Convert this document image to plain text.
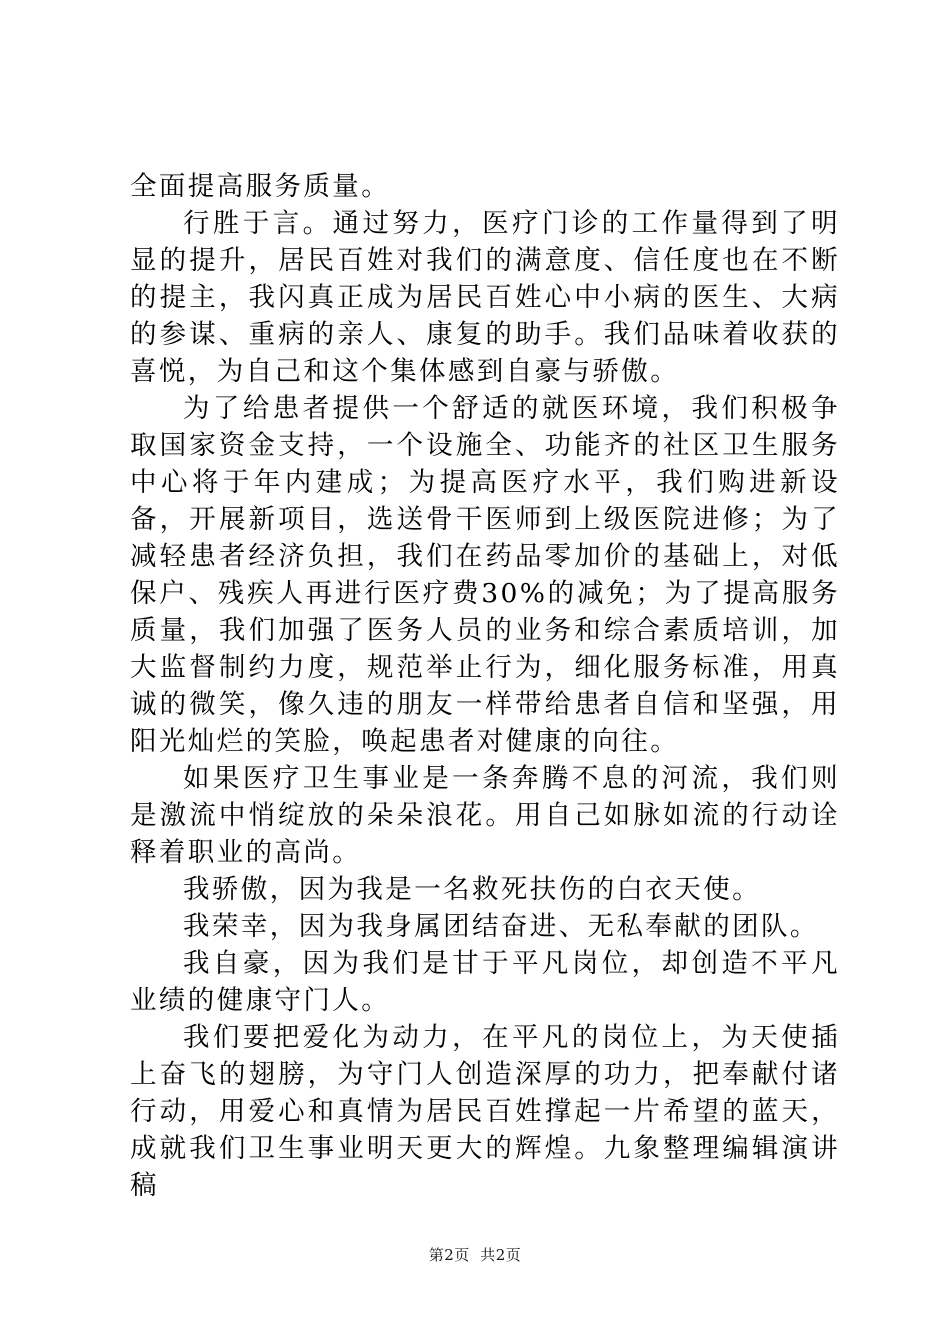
全面提高服务质量。

行胜于言。通过努力，医疗门诊的工作量得到了明显的提升，居民百姓对我们的满意度、信任度也在不断的提主，我闪真正成为居民百姓心中小病的医生、大病的参谋、重病的亲人、康复的助手。我们品味着收获的喜悦，为自己和这个集体感到自豪与骄傲。

为了给患者提供一个舒适的就医环境，我们积极争取国家资金支持，一个设施全、功能齐的社区卫生服务中心将于年内建成；为提高医疗水平，我们购进新设备，开展新项目，选送骨干医师到上级医院进修；为了减轻患者经济负担，我们在药品零加价的基础上，对低保户、残疾人再进行医疗费30%的减免；为了提高服务质量，我们加强了医务人员的业务和综合素质培训，加大监督制约力度，规范举止行为，细化服务标准，用真诚的微笑，像久违的朋友一样带给患者自信和坚强，用阳光灿烂的笑脸，唤起患者对健康的向往。

如果医疗卫生事业是一条奔腾不息的河流，我们则是激流中悄绽放的朵朵浪花。用自己如脉如流的行动诠释着职业的高尚。

我骄傲，因为我是一名救死扶伤的白衣天使。

我荣幸，因为我身属团结奋进、无私奉献的团队。

我自豪，因为我们是甘于平凡岗位，却创造不平凡业绩的健康守门人。

我们要把爱化为动力，在平凡的岗位上，为天使插上奋飞的翅膀，为守门人创造深厚的功力，把奉献付诸行动，用爱心和真情为居民百姓撑起一片希望的蓝天，成就我们卫生事业明天更大的辉煌。九象整理编辑演讲稿

第2页  共2页
